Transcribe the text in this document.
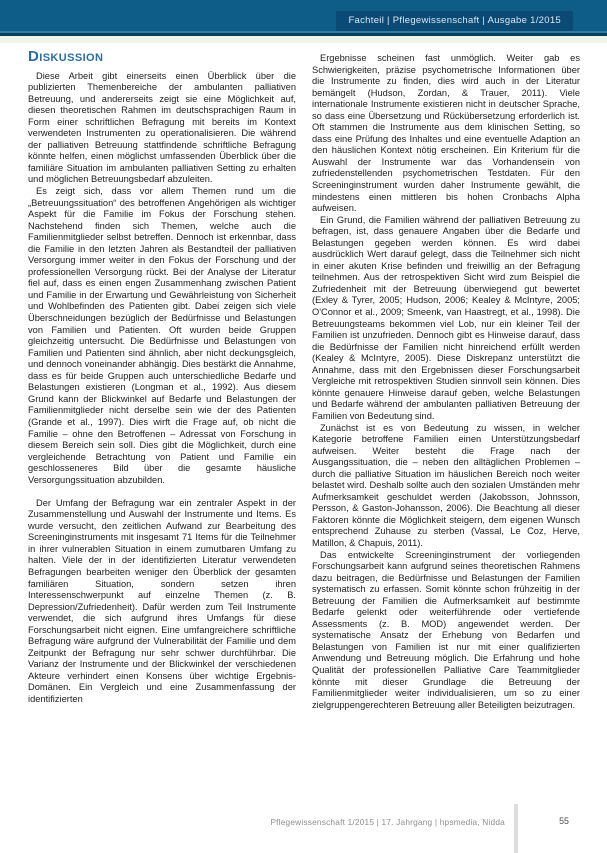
Fachteil | Pflegewissenschaft | Ausgabe 1/2015
Diskussion

Diese Arbeit gibt einerseits einen Überblick über die publizierten Themenbereiche der ambulanten palliativen Betreuung, und andererseits zeigt sie eine Möglichkeit auf, diesen theoretischen Rahmen im deutschsprachigen Raum in Form einer schriftlichen Befragung mit bereits im Kontext verwendeten Instrumenten zu operationalisieren. Die während der palliativen Betreuung stattfindende schriftliche Befragung könnte helfen, einen möglichst umfassenden Überblick über die familiäre Situation im ambulanten palliativen Setting zu erhalten und möglichen Betreuungsbedarf abzuleiten.

Es zeigt sich, dass vor allem Themen rund um die „Betreuungssituation“ des betroffenen Angehörigen als wichtiger Aspekt für die Familie im Fokus der Forschung stehen. Nachstehend finden sich Themen, welche auch die Familienmitglieder selbst betreffen. Dennoch ist erkennbar, dass die Familie in den letzten Jahren als Bestandteil der palliativen Versorgung immer weiter in den Fokus der Forschung und der professionellen Versorgung rückt. Bei der Analyse der Literatur fiel auf, dass es einen engen Zusammenhang zwischen Patient und Familie in der Erwartung und Gewährleistung von Sicherheit und Wohlbefinden des Patienten gibt. Dabei zeigen sich viele Überschneidungen bezüglich der Bedürfnisse und Belastungen von Familien und Patienten. Oft wurden beide Gruppen gleichzeitig untersucht. Die Bedürfnisse und Belastungen von Familien und Patienten sind ähnlich, aber nicht deckungsgleich, und dennoch voneinander abhängig. Dies bestärkt die Annahme, dass es für beide Gruppen auch unterschiedliche Bedarfe und Belastungen existieren (Longman et al., 1992). Aus diesem Grund kann der Blickwinkel auf Bedarfe und Belastungen der Familienmitglieder nicht derselbe sein wie der des Patienten (Grande et al., 1997). Dies wirft die Frage auf, ob nicht die Familie – ohne den Betroffenen – Adressat von Forschung in diesem Bereich sein soll. Dies gibt die Möglichkeit, durch eine vergleichende Betrachtung von Patient und Familie ein geschlosseneres Bild über die gesamte häusliche Versorgungssituation abzubilden.

Der Umfang der Befragung war ein zentraler Aspekt in der Zusammenstellung und Auswahl der Instrumente und Items. Es wurde versucht, den zeitlichen Aufwand zur Bearbeitung des Screeninginstruments mit insgesamt 71 Items für die Teilnehmer in ihrer vulnerablen Situation in einem zumutbaren Umfang zu halten. Viele der in der identifizierten Literatur verwendeten Befragungen bearbeiten weniger den Überblick der gesamten familiären Situation, sondern setzen ihren Interessenschwerpunkt auf einzelne Themen (z. B. Depression/Zufriedenheit). Dafür werden zum Teil Instrumente verwendet, die sich aufgrund ihres Umfangs für diese Forschungsarbeit nicht eignen. Eine umfangreichere schriftliche Befragung wäre aufgrund der Vulnerabilität der Familie und dem Zeitpunkt der Befragung nur sehr schwer durchführbar. Die Varianz der Instrumente und der Blickwinkel der verschiedenen Akteure verhindert einen Konsens über wichtige Ergebnis-Domänen. Ein Vergleich und eine Zusammenfassung der identifizierten

Ergebnisse scheinen fast unmöglich. Weiter gab es Schwierigkeiten, präzise psychometrische Informationen über die Instrumente zu finden, dies wird auch in der Literatur bemängelt (Hudson, Zordan, & Trauer, 2011). Viele internationale Instrumente existieren nicht in deutscher Sprache, so dass eine Übersetzung und Rückübersetzung erforderlich ist. Oft stammen die Instrumente aus dem klinischen Setting, so dass eine Prüfung des Inhaltes und eine eventuelle Adaption an den häuslichen Kontext nötig erscheinen. Ein Kriterium für die Auswahl der Instrumente war das Vorhandensein von zufriedenstellenden psychometrischen Testdaten. Für den Screeninginstrument wurden daher Instrumente gewählt, die mindestens einen mittleren bis hohen Cronbachs Alpha aufweisen.

Ein Grund, die Familien während der palliativen Betreuung zu befragen, ist, dass genauere Angaben über die Bedarfe und Belastungen gegeben werden können. Es wird dabei ausdrücklich Wert darauf gelegt, dass die Teilnehmer sich nicht in einer akuten Krise befinden und freiwillig an der Befragung teilnehmen. Aus der retrospektiven Sicht wird zum Beispiel die Zufriedenheit mit der Betreuung überwiegend gut bewertet (Exley & Tyrer, 2005; Hudson, 2006; Kealey & McIntyre, 2005; O'Connor et al., 2009; Smeenk, van Haastregt, et al., 1998). Die Betreuungsteams bekommen viel Lob, nur ein kleiner Teil der Familien ist unzufrieden. Dennoch gibt es Hinweise darauf, dass die Bedürfnisse der Familien nicht hinreichend erfüllt werden (Kealey & McIntyre, 2005). Diese Diskrepanz unterstützt die Annahme, dass mit den Ergebnissen dieser Forschungsarbeit Vergleiche mit retrospektiven Studien sinnvoll sein können. Dies könnte genauere Hinweise darauf geben, welche Belastungen und Bedarfe während der ambulanten palliativen Betreuung der Familien von Bedeutung sind.

Zunächst ist es von Bedeutung zu wissen, in welcher Kategorie betroffene Familien einen Unterstützungsbedarf aufweisen. Weiter besteht die Frage nach der Ausgangssituation, die – neben den alltäglichen Problemen – durch die palliative Situation im häuslichen Bereich noch weiter belastet wird. Deshalb sollte auch den sozialen Umständen mehr Aufmerksamkeit geschuldet werden (Jakobsson, Johnsson, Persson, & Gaston-Johansson, 2006). Die Beachtung all dieser Faktoren könnte die Möglichkeit steigern, dem eigenen Wunsch entsprechend Zuhause zu sterben (Vassal, Le Coz, Herve, Matillon, & Chapuis, 2011).

Das entwickelte Screeninginstrument der vorliegenden Forschungsarbeit kann aufgrund seines theoretischen Rahmens dazu beitragen, die Bedürfnisse und Belastungen der Familien systematisch zu erfassen. Somit könnte schon frühzeitig in der Betreuung der Familien die Aufmerksamkeit auf bestimmte Bedarfe gelenkt oder weiterführende oder vertiefende Assessments (z. B. MOD) angewendet werden. Der systematische Ansatz der Erhebung von Bedarfen und Belastungen von Familien ist nur mit einer qualifizierten Anwendung und Betreuung möglich. Die Erfahrung und hohe Qualität der professionellen Palliative Care Teammitglieder könnte mit dieser Grundlage die Betreuung der Familienmitglieder weiter individualisieren, um so zu einer zielgruppengerechteren Betreuung aller Beteiligten beizutragen.

Pflegewissenschaft 1/2015 | 17. Jahrgang | hpsmedia, Nidda	55
